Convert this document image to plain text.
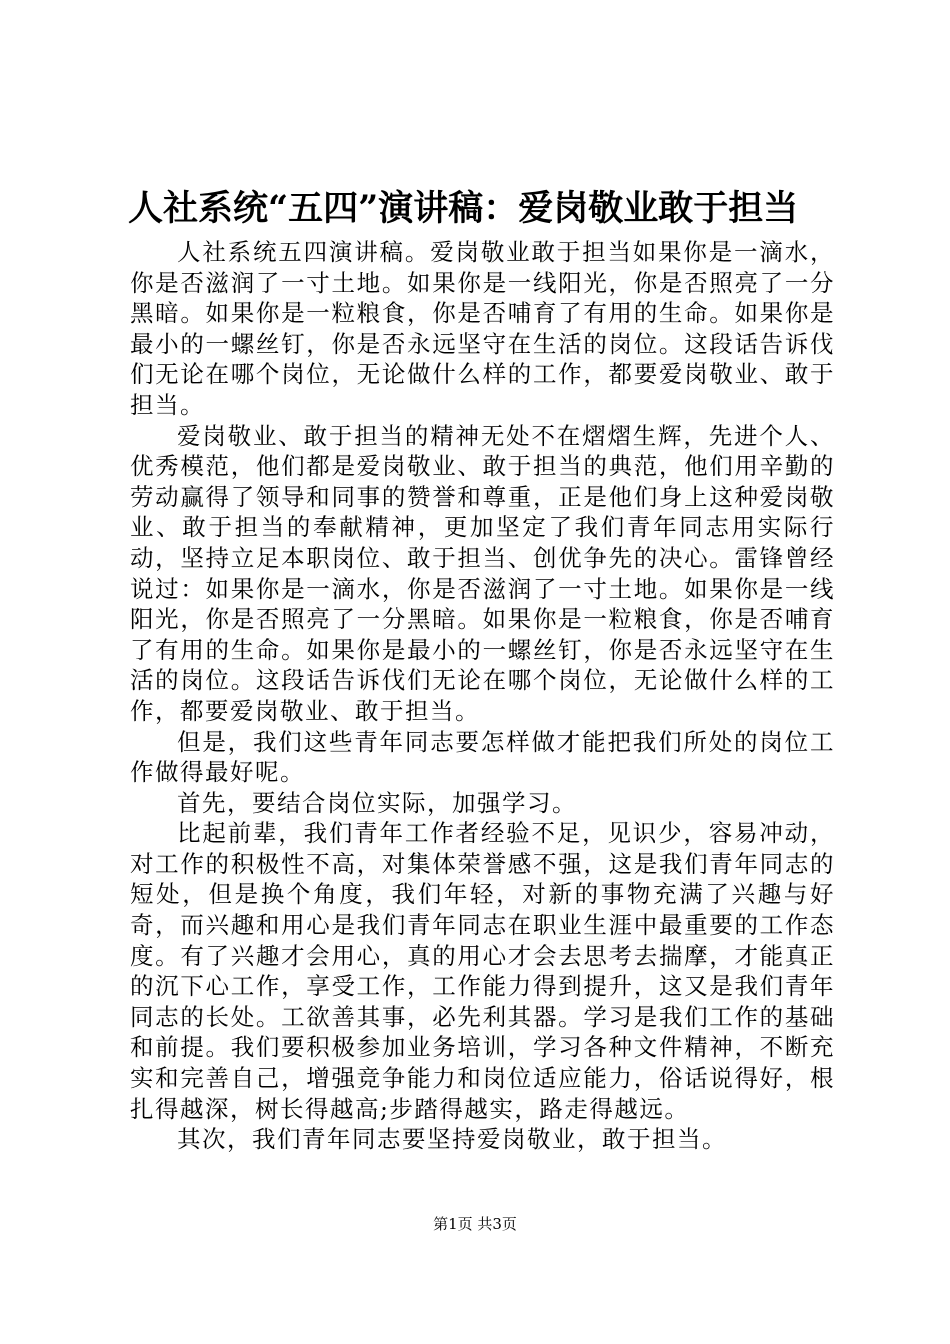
人社系统“五四”演讲稿：爱岗敬业敢于担当

人社系统五四演讲稿。爱岗敬业敢于担当如果你是一滴水，你是否滋润了一寸土地。如果你是一线阳光，你是否照亮了一分黑暗。如果你是一粒粮食，你是否哺育了有用的生命。如果你是最小的一螺丝钉，你是否永远坚守在生活的岗位。这段话告诉伐们无论在哪个岗位，无论做什么样的工作，都要爱岗敬业、敢于担当。

爱岗敬业、敢于担当的精神无处不在熠熠生辉，先进个人、优秀模范，他们都是爱岗敬业、敢于担当的典范，他们用辛勤的劳动赢得了领导和同事的赞誉和尊重，正是他们身上这种爱岗敬业、敢于担当的奉献精神，更加坚定了我们青年同志用实际行动，坚持立足本职岗位、敢于担当、创优争先的决心。雷锋曾经说过：如果你是一滴水，你是否滋润了一寸土地。如果你是一线阳光，你是否照亮了一分黑暗。如果你是一粒粮食，你是否哺育了有用的生命。如果你是最小的一螺丝钉，你是否永远坚守在生活的岗位。这段话告诉伐们无论在哪个岗位，无论做什么样的工作，都要爱岗敬业、敢于担当。

但是，我们这些青年同志要怎样做才能把我们所处的岗位工作做得最好呢。

首先，要结合岗位实际，加强学习。

比起前辈，我们青年工作者经验不足，见识少，容易冲动，对工作的积极性不高，对集体荣誉感不强，这是我们青年同志的短处，但是换个角度，我们年轻，对新的事物充满了兴趣与好奇，而兴趣和用心是我们青年同志在职业生涯中最重要的工作态度。有了兴趣才会用心，真的用心才会去思考去揣摩，才能真正的沉下心工作，享受工作，工作能力得到提升，这又是我们青年同志的长处。工欲善其事，必先利其器。学习是我们工作的基础和前提。我们要积极参加业务培训，学习各种文件精神，不断充实和完善自己，增强竞争能力和岗位适应能力，俗话说得好，根扎得越深，树长得越高;步踏得越实，路走得越远。

其次，我们青年同志要坚持爱岗敬业，敢于担当。

第1页 共3页
